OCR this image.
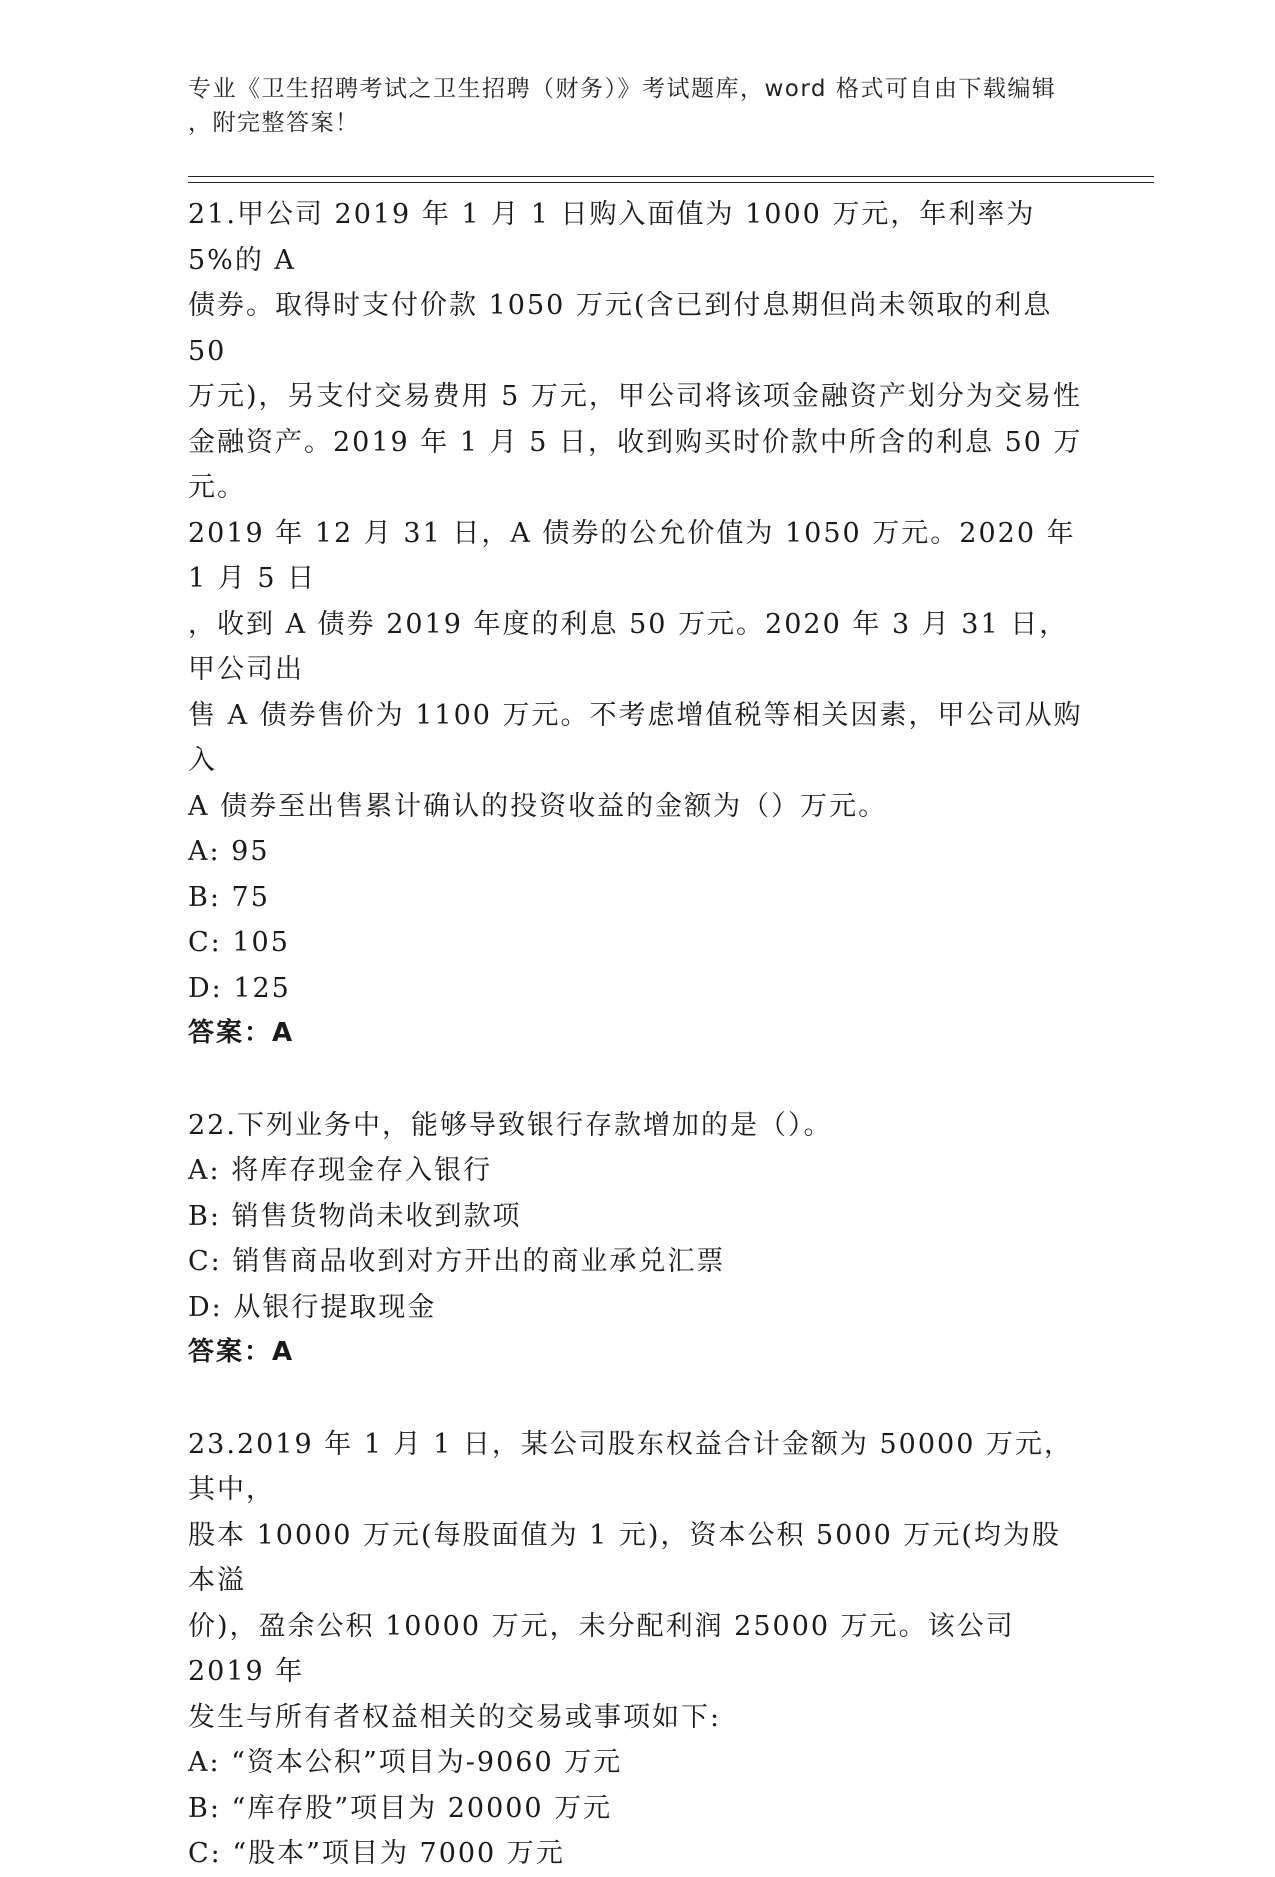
专业《卫生招聘考试之卫生招聘（财务）》考试题库，word 格式可自由下载编辑
，附完整答案！
21.甲公司 2019 年 1 月 1 日购入面值为 1000 万元，年利率为 5%的 A
债券。取得时支付价款 1050 万元(含已到付息期但尚未领取的利息 50
万元)，另支付交易费用 5 万元，甲公司将该项金融资产划分为交易性
金融资产。2019 年 1 月 5 日，收到购买时价款中所含的利息 50 万元。
2019 年 12 月 31 日，A 债券的公允价值为 1050 万元。2020 年 1 月 5 日
，收到 A 债券 2019 年度的利息 50 万元。2020 年 3 月 31 日，甲公司出
售 A 债券售价为 1100 万元。不考虑增值税等相关因素，甲公司从购入
A 债券至出售累计确认的投资收益的金额为（）万元。
A: 95
B: 75
C: 105
D: 125
答案：A
22.下列业务中，能够导致银行存款增加的是（）。
A: 将库存现金存入银行
B: 销售货物尚未收到款项
C: 销售商品收到对方开出的商业承兑汇票
D: 从银行提取现金
答案：A
23.2019 年 1 月 1 日，某公司股东权益合计金额为 50000 万元，其中，
股本 10000 万元(每股面值为 1 元)，资本公积 5000 万元(均为股本溢
价)，盈余公积 10000 万元，未分配利润 25000 万元。该公司 2019 年
发生与所有者权益相关的交易或事项如下:
A: “资本公积”项目为-9060 万元
B: “库存股”项目为 20000 万元
C: “股本”项目为 7000 万元
